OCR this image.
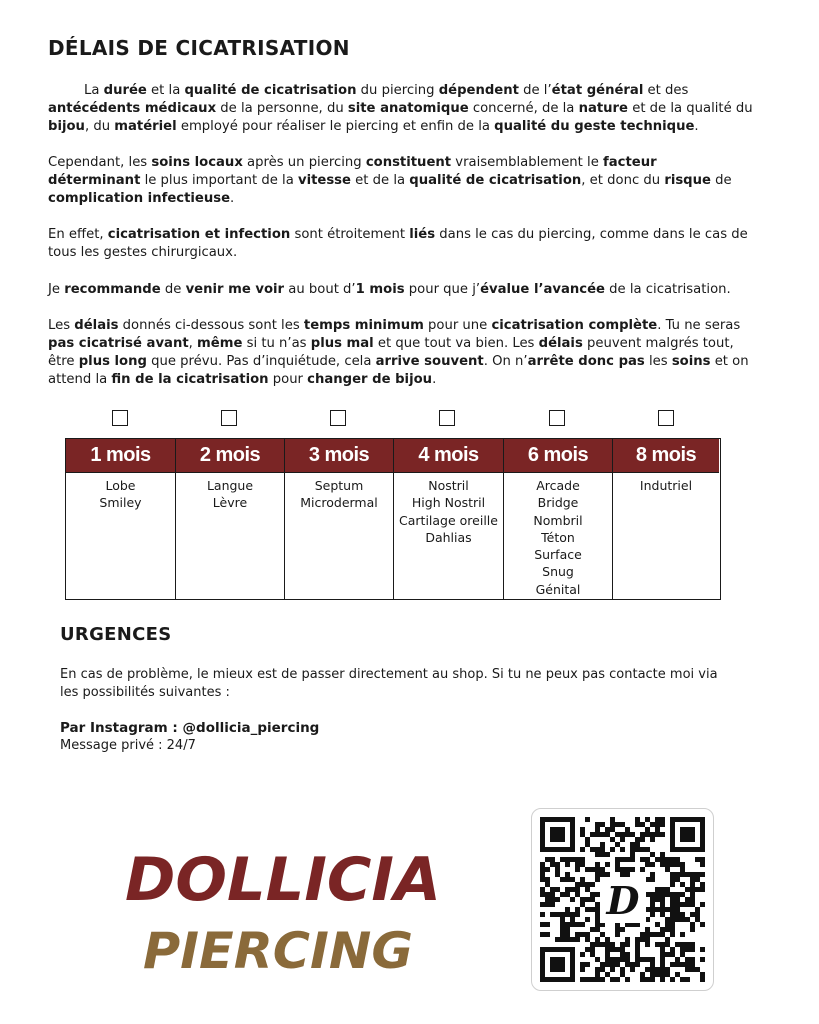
DÉLAIS DE CICATRISATION

La durée et la qualité de cicatrisation du piercing dépendent de l’état général et des antécédents médicaux de la personne, du site anatomique concerné, de la nature et de la qualité du bijou, du matériel employé pour réaliser le piercing et enfin de la qualité du geste technique.

Cependant, les soins locaux après un piercing constituent vraisemblablement le facteur déterminant le plus important de la vitesse et de la qualité de cicatrisation, et donc du risque de complication infectieuse.

En effet, cicatrisation et infection sont étroitement liés dans le cas du piercing, comme dans le cas de tous les gestes chirurgicaux.

Je recommande de venir me voir au bout d’1 mois pour que j’évalue l’avancée de la cicatrisation.

Les délais donnés ci-dessous sont les temps minimum pour une cicatrisation complète. Tu ne seras pas cicatrisé avant, même si tu n’as plus mal et que tout va bien. Les délais peuvent malgrés tout, être plus long que prévu. Pas d’inquiétude, cela arrive souvent. On n’arrête donc pas les soins et on attend la fin de la cicatrisation pour changer de bijou.

1 mois
Lobe
Smiley
2 mois
Langue
Lèvre
3 mois
Septum
Microdermal
4 mois
Nostril
High Nostril
Cartilage oreille
Dahlias
6 mois
Arcade
Bridge
Nombril
Téton
Surface
Snug
Génital
8 mois
Indutriel
URGENCES

En cas de problème, le mieux est de passer directement au shop. Si tu ne peux pas contacte moi via les possibilités suivantes :

Par Instagram : @dollicia_piercing

Message privé : 24/7

DOLLICIA
PIERCING
D
